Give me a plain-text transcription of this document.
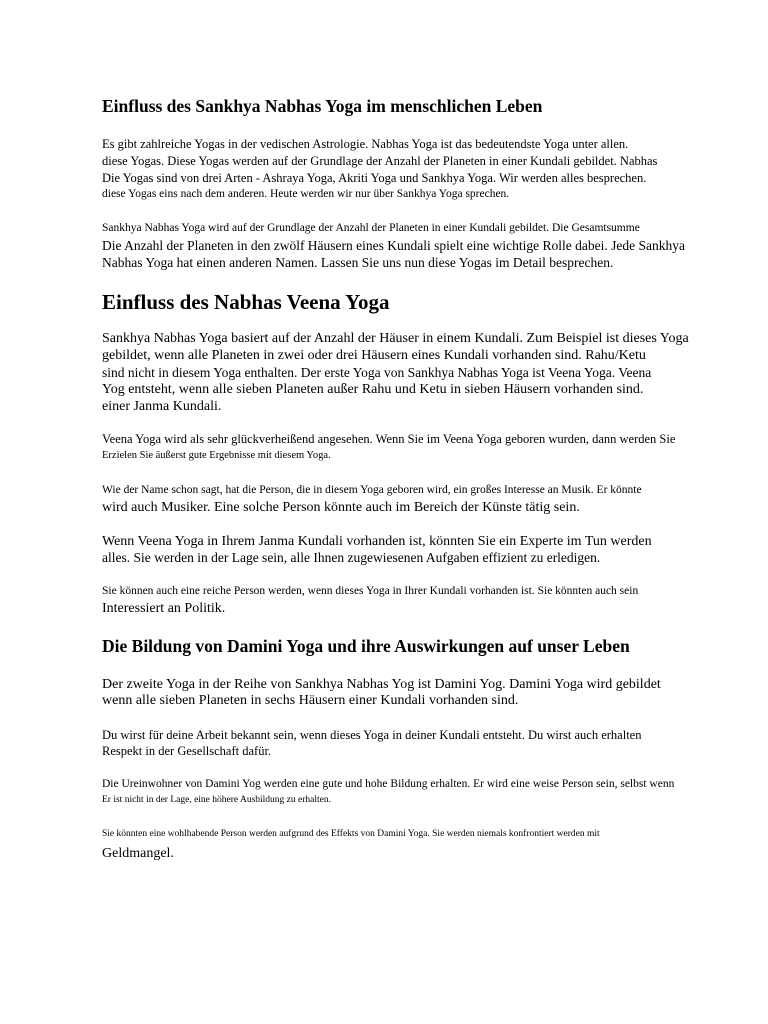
Einfluss des Sankhya Nabhas Yoga im menschlichen Leben
Es gibt zahlreiche Yogas in der vedischen Astrologie. Nabhas Yoga ist das bedeutendste Yoga unter allen.
diese Yogas. Diese Yogas werden auf der Grundlage der Anzahl der Planeten in einer Kundali gebildet. Nabhas
Die Yogas sind von drei Arten - Ashraya Yoga, Akriti Yoga und Sankhya Yoga. Wir werden alles besprechen.
diese Yogas eins nach dem anderen. Heute werden wir nur über Sankhya Yoga sprechen.
Sankhya Nabhas Yoga wird auf der Grundlage der Anzahl der Planeten in einer Kundali gebildet. Die Gesamtsumme
Die Anzahl der Planeten in den zwölf Häusern eines Kundali spielt eine wichtige Rolle dabei. Jede Sankhya
Nabhas Yoga hat einen anderen Namen. Lassen Sie uns nun diese Yogas im Detail besprechen.
Einfluss des Nabhas Veena Yoga
Sankhya Nabhas Yoga basiert auf der Anzahl der Häuser in einem Kundali. Zum Beispiel ist dieses Yoga
gebildet, wenn alle Planeten in zwei oder drei Häusern eines Kundali vorhanden sind. Rahu/Ketu
sind nicht in diesem Yoga enthalten. Der erste Yoga von Sankhya Nabhas Yoga ist Veena Yoga. Veena
Yog entsteht, wenn alle sieben Planeten außer Rahu und Ketu in sieben Häusern vorhanden sind.
einer Janma Kundali.
Veena Yoga wird als sehr glückverheißend angesehen. Wenn Sie im Veena Yoga geboren wurden, dann werden Sie
Erzielen Sie äußerst gute Ergebnisse mit diesem Yoga.
Wie der Name schon sagt, hat die Person, die in diesem Yoga geboren wird, ein großes Interesse an Musik. Er könnte
wird auch Musiker. Eine solche Person könnte auch im Bereich der Künste tätig sein.
Wenn Veena Yoga in Ihrem Janma Kundali vorhanden ist, könnten Sie ein Experte im Tun werden
alles. Sie werden in der Lage sein, alle Ihnen zugewiesenen Aufgaben effizient zu erledigen.
Sie können auch eine reiche Person werden, wenn dieses Yoga in Ihrer Kundali vorhanden ist. Sie könnten auch sein
Interessiert an Politik.
Die Bildung von Damini Yoga und ihre Auswirkungen auf unser Leben
Der zweite Yoga in der Reihe von Sankhya Nabhas Yog ist Damini Yog. Damini Yoga wird gebildet
wenn alle sieben Planeten in sechs Häusern einer Kundali vorhanden sind.
Du wirst für deine Arbeit bekannt sein, wenn dieses Yoga in deiner Kundali entsteht. Du wirst auch erhalten
Respekt in der Gesellschaft dafür.
Die Ureinwohner von Damini Yog werden eine gute und hohe Bildung erhalten. Er wird eine weise Person sein, selbst wenn
Er ist nicht in der Lage, eine höhere Ausbildung zu erhalten.
Sie könnten eine wohlhabende Person werden aufgrund des Effekts von Damini Yoga. Sie werden niemals konfrontiert werden mit
Geldmangel.
